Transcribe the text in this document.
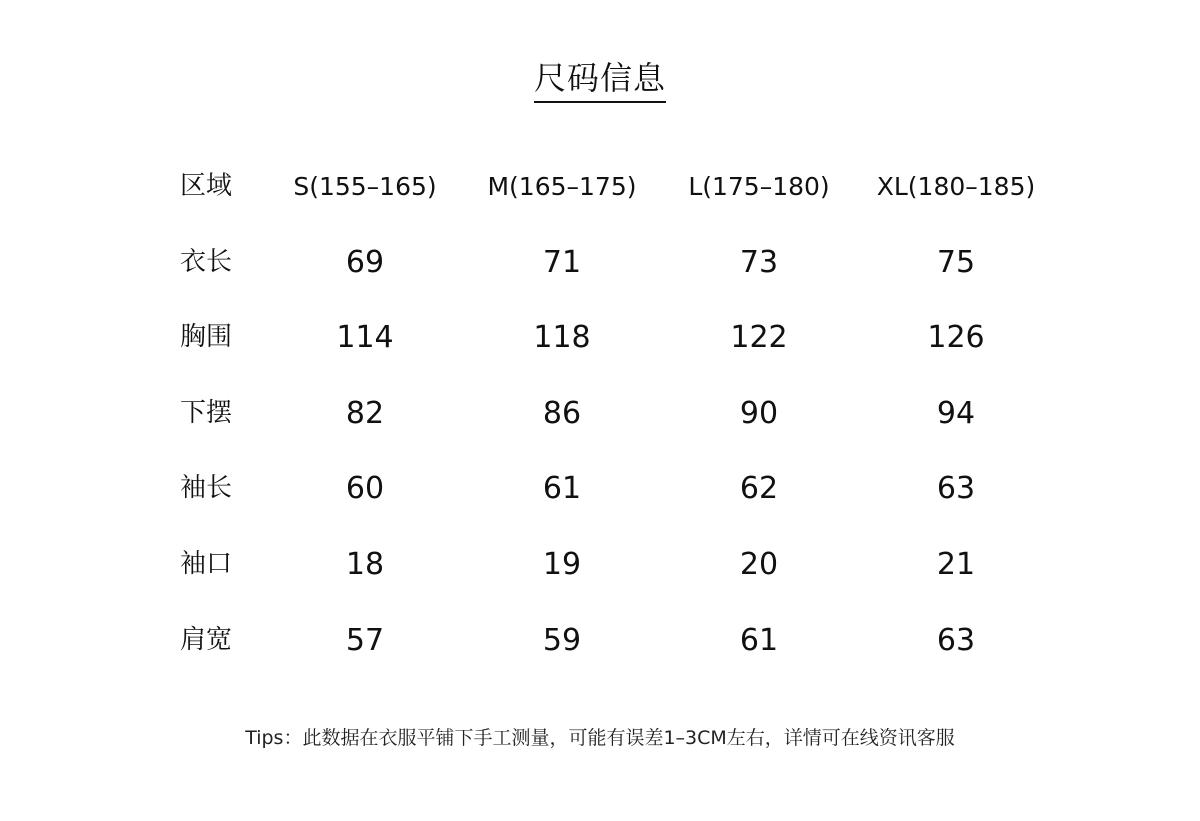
尺码信息
区域	S(155–165)	M(165–175)	L(175–180)	XL(180–185)
衣长	69	71	73	75
胸围	114	118	122	126
下摆	82	86	90	94
袖长	60	61	62	63
袖口	18	19	20	21
肩宽	57	59	61	63
Tips：此数据在衣服平铺下手工测量，可能有误差1–3CM左右，详情可在线资讯客服
